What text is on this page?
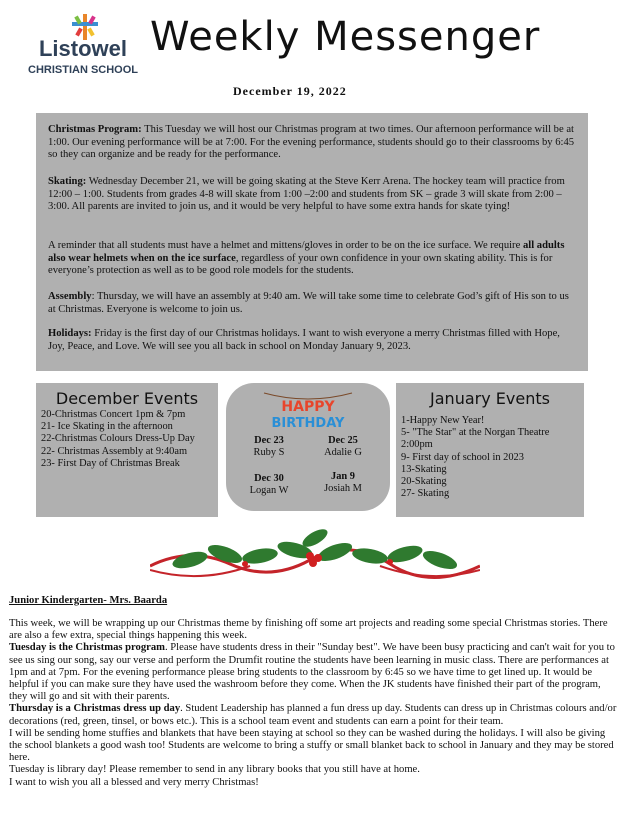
Listowel
CHRISTIAN SCHOOL
Weekly Messenger
December 19, 2022
Christmas Program: This Tuesday we will host our Christmas program at two times. Our afternoon performance will be at 1:00. Our evening performance will be at 7:00. For the evening performance, students should go to their classrooms by 6:45 so they can organize and be ready for the performance.
Skating: Wednesday December 21, we will be going skating at the Steve Kerr Arena. The hockey team will practice from 12:00 – 1:00. Students from grades 4-8 will skate from 1:00 –2:00 and students from SK – grade 3 will skate from 2:00 – 3:00. All parents are invited to join us, and it would be very helpful to have some extra hands for skate tying!
A reminder that all students must have a helmet and mittens/gloves in order to be on the ice surface. We require all adults also wear helmets when on the ice surface, regardless of your own confidence in your own skating ability. This is for everyone’s protection as well as to be good role models for the students.
Assembly: Thursday, we will have an assembly at 9:40 am. We will take some time to celebrate God’s gift of His son to us at Christmas. Everyone is welcome to join us.
Holidays: Friday is the first day of our Christmas holidays. I want to wish everyone a merry Christmas filled with Hope, Joy, Peace, and Love. We will see you all back in school on Monday January 9, 2023.
December Events
20-Christmas Concert 1pm & 7pm
21- Ice Skating in the afternoon
22-Christmas Colours Dress-Up Day
22- Christmas Assembly at 9:40am
23- First Day of Christmas Break
HAPPY
BIRTHDAY
Dec 23
Ruby S
Dec 25
Adalie G
Dec 30
Logan W
Jan 9
Josiah M
January Events
1-Happy New Year!
5- "The Star" at the Norgan Theatre 2:00pm
9- First day of school in 2023
13-Skating
20-Skating
27- Skating
Junior Kindergarten- Mrs. Baarda

This week, we will be wrapping up our Christmas theme by finishing off some art projects and reading some special Christmas stories. There are also a few extra, special things happening this week.

Tuesday is the Christmas program. Please have students dress in their "Sunday best". We have been busy practicing and can't wait for you to see us sing our song, say our verse and perform the Drumfit routine the students have been learning in music class. There are performances at 1pm and at 7pm. For the evening performance please bring students to the classroom by 6:45 so we have time to get lined up. It would be helpful if you can make sure they have used the washroom before they come. When the JK students have finished their part of the program, they will go and sit with their parents.

Thursday is a Christmas dress up day. Student Leadership has planned a fun dress up day. Students can dress up in Christmas colours and/or decorations (red, green, tinsel, or bows etc.). This is a school team event and students can earn a point for their team.

I will be sending home stuffies and blankets that have been staying at school so they can be washed during the holidays. I will also be giving the school blankets a good wash too! Students are welcome to bring a stuffy or small blanket back to school in January and they may be stored here.

Tuesday is library day! Please remember to send in any library books that you still have at home.

I want to wish you all a blessed and very merry Christmas!
